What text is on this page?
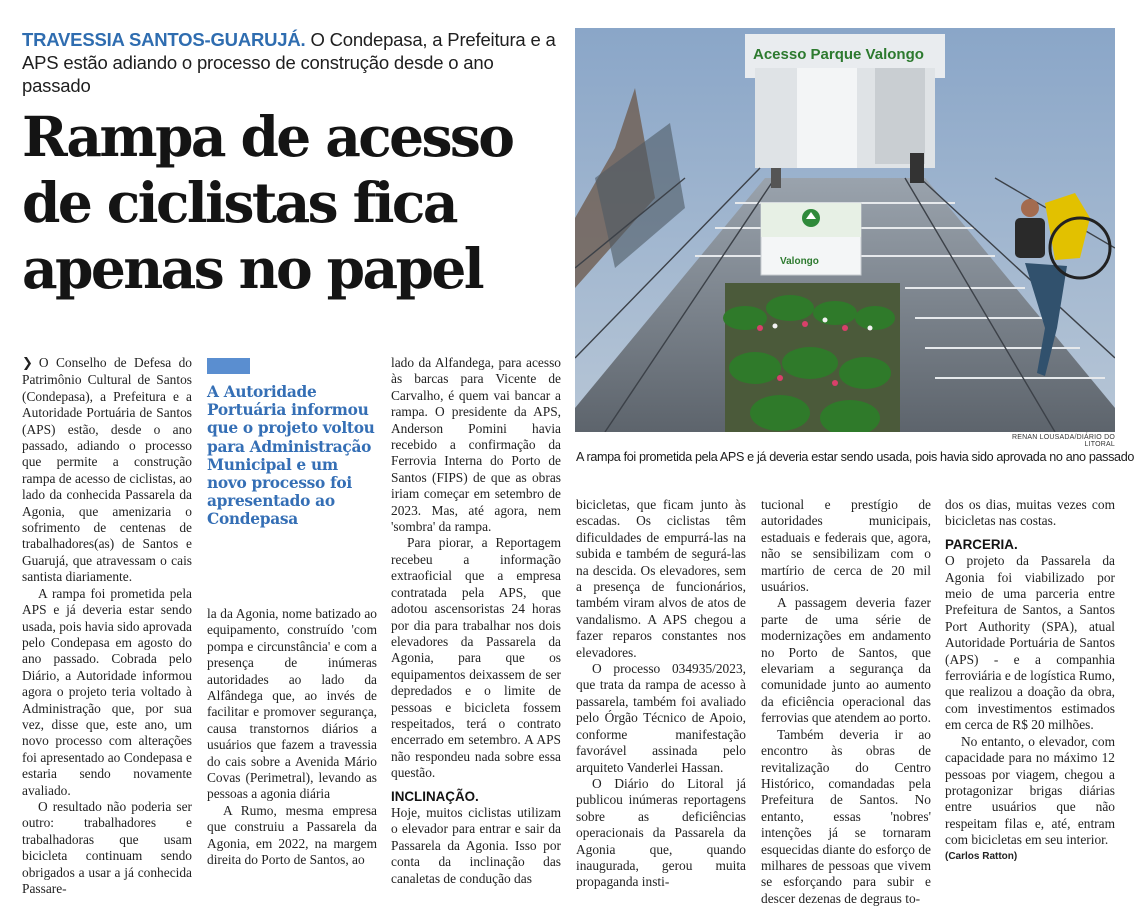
TRAVESSIA SANTOS-GUARUJÁ. O Condepasa, a Prefeitura e a APS estão adiando o processo de construção desde o ano passado
Rampa de acesso
de ciclistas fica
apenas no papel
Acesso Parque Valongo
Valongo
RENAN LOUSADA/DIÁRIO DO LITORAL
A rampa foi prometida pela APS e já deveria estar sendo usada, pois havia sido aprovada no ano passado

❯ O Conselho de Defesa do Patrimônio Cultural de Santos (Condepasa), a Prefeitura e a Autoridade Portuária de Santos (APS) estão, desde o ano passado, adiando o processo que permite a construção rampa de acesso de ciclistas, ao lado da conhecida Passarela da Agonia, que amenizaria o sofrimento de centenas de trabalhadores(as) de Santos e Guarujá, que atravessam o cais santista diariamente.

A rampa foi prometida pela APS e já deveria estar sendo usada, pois havia sido aprovada pelo Condepasa em agosto do ano passado. Cobrada pelo Diário, a Autoridade informou agora o projeto teria voltado à Administração que, por sua vez, disse que, este ano, um novo processo com alterações foi apresentado ao Condepasa e estaria sendo novamente avaliado.

O resultado não poderia ser outro: trabalhadores e trabalhadoras que usam bicicleta continuam sendo obrigados a usar a já conhecida Passare-

A Autoridade Portuária informou que o projeto voltou para Administração Municipal e um novo processo foi apresentado ao Condepasa

la da Agonia, nome batizado ao equipamento, construído 'com pompa e circunstância' e com a presença de inúmeras autoridades ao lado da Alfândega que, ao invés de facilitar e promover segurança, causa transtornos diários a usuários que fazem a travessia do cais sobre a Avenida Mário Covas (Perimetral), levando as pessoas a agonia diária

A Rumo, mesma empresa que construiu a Passarela da Agonia, em 2022, na margem direita do Porto de Santos, ao

lado da Alfandega, para acesso às barcas para Vicente de Carvalho, é quem vai bancar a rampa. O presidente da APS, Anderson Pomini havia recebido a confirmação da Ferrovia Interna do Porto de Santos (FIPS) de que as obras iriam começar em setembro de 2023. Mas, até agora, nem 'sombra' da rampa.

Para piorar, a Reportagem recebeu a informação extraoficial que a empresa contratada pela APS, que adotou ascensoristas 24 horas por dia para trabalhar nos dois elevadores da Passarela da Agonia, para que os equipamentos deixassem de ser depredados e o limite de pessoas e bicicleta fossem respeitados, terá o contrato encerrado em setembro. A APS não respondeu nada sobre essa questão.

INCLINAÇÃO.

Hoje, muitos ciclistas utilizam o elevador para entrar e sair da Passarela da Agonia. Isso por conta da inclinação das canaletas de condução das

bicicletas, que ficam junto às escadas. Os ciclistas têm dificuldades de empurrá-las na subida e também de segurá-las na descida. Os elevadores, sem a presença de funcionários, também viram alvos de atos de vandalismo. A APS chegou a fazer reparos constantes nos elevadores.

O processo 034935/2023, que trata da rampa de acesso à passarela, também foi avaliado pelo Órgão Técnico de Apoio, conforme manifestação favorável assinada pelo arquiteto Vanderlei Hassan.

O Diário do Litoral já publicou inúmeras reportagens sobre as deficiências operacionais da Passarela da Agonia que, quando inaugurada, gerou muita propaganda insti-

tucional e prestígio de autoridades municipais, estaduais e federais que, agora, não se sensibilizam com o martírio de cerca de 20 mil usuários.

A passagem deveria fazer parte de uma série de modernizações em andamento no Porto de Santos, que elevariam a segurança da comunidade junto ao aumento da eficiência operacional das ferrovias que atendem ao porto.

Também deveria ir ao encontro às obras de revitalização do Centro Histórico, comandadas pela Prefeitura de Santos. No entanto, essas 'nobres' intenções já se tornaram esquecidas diante do esforço de milhares de pessoas que vivem se esforçando para subir e descer dezenas de degraus to-

dos os dias, muitas vezes com bicicletas nas costas.

PARCERIA.

O projeto da Passarela da Agonia foi viabilizado por meio de uma parceria entre Prefeitura de Santos, a Santos Port Authority (SPA), atual Autoridade Portuária de Santos (APS) - e a companhia ferroviária e de logística Rumo, que realizou a doação da obra, com investimentos estimados em cerca de R$ 20 milhões.

No entanto, o elevador, com capacidade para no máximo 12 pessoas por viagem, chegou a protagonizar brigas diárias entre usuários que não respeitam filas e, até, entram com bicicletas em seu interior.

(Carlos Ratton)
